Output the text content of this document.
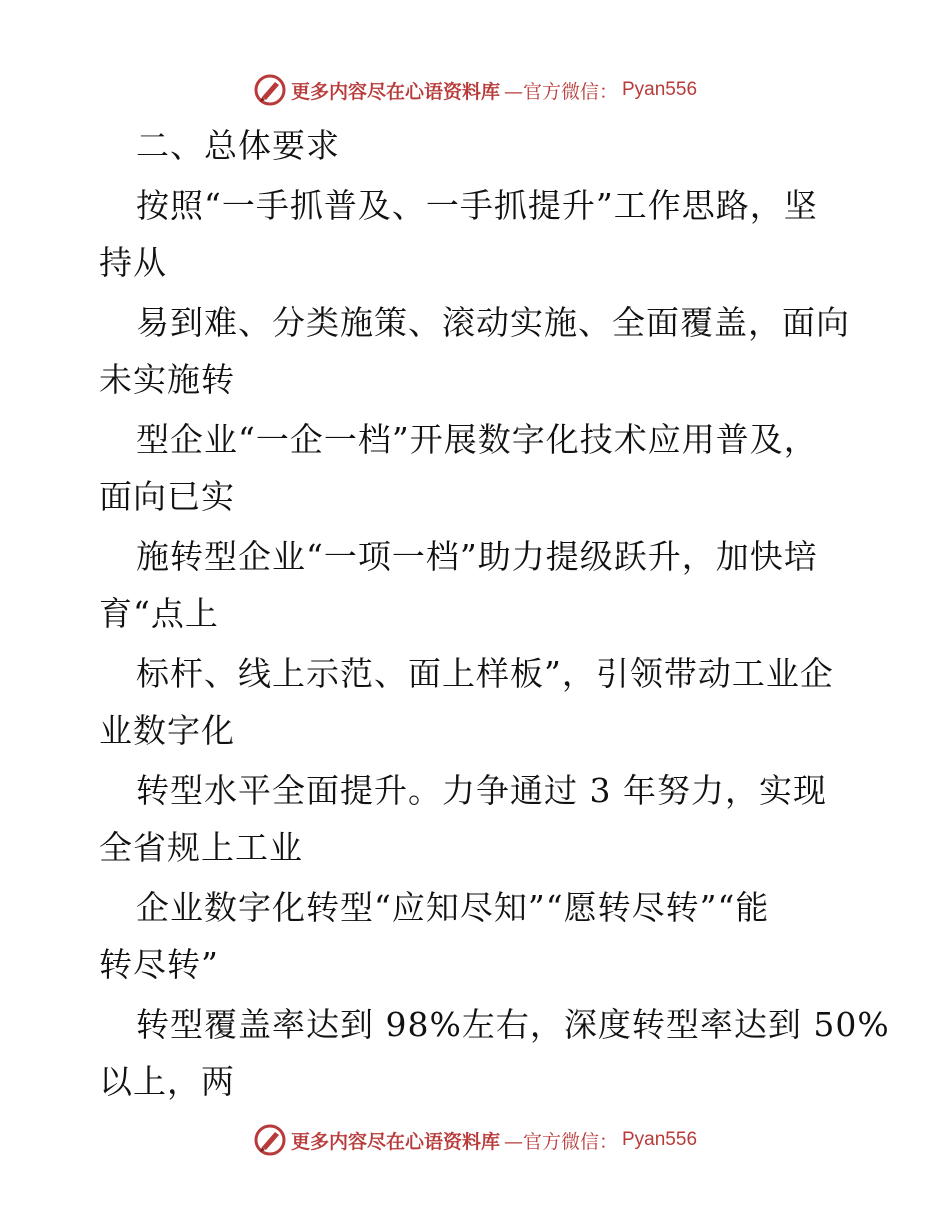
更多内容尽在心语资料库 —官方微信： Pyan556
二、总体要求
按照“一手抓普及、一手抓提升”工作思路，坚
持从
易到难、分类施策、滚动实施、全面覆盖，面向
未实施转
型企业“一企一档”开展数字化技术应用普及，
面向已实
施转型企业“一项一档”助力提级跃升，加快培
育“点上
标杆、线上示范、面上样板”，引领带动工业企
业数字化
转型水平全面提升。力争通过 3 年努力，实现
全省规上工业
企业数字化转型“应知尽知”“愿转尽转”“能
转尽转”
转型覆盖率达到 98%左右，深度转型率达到 50%
以上，两
更多内容尽在心语资料库 —官方微信： Pyan556
